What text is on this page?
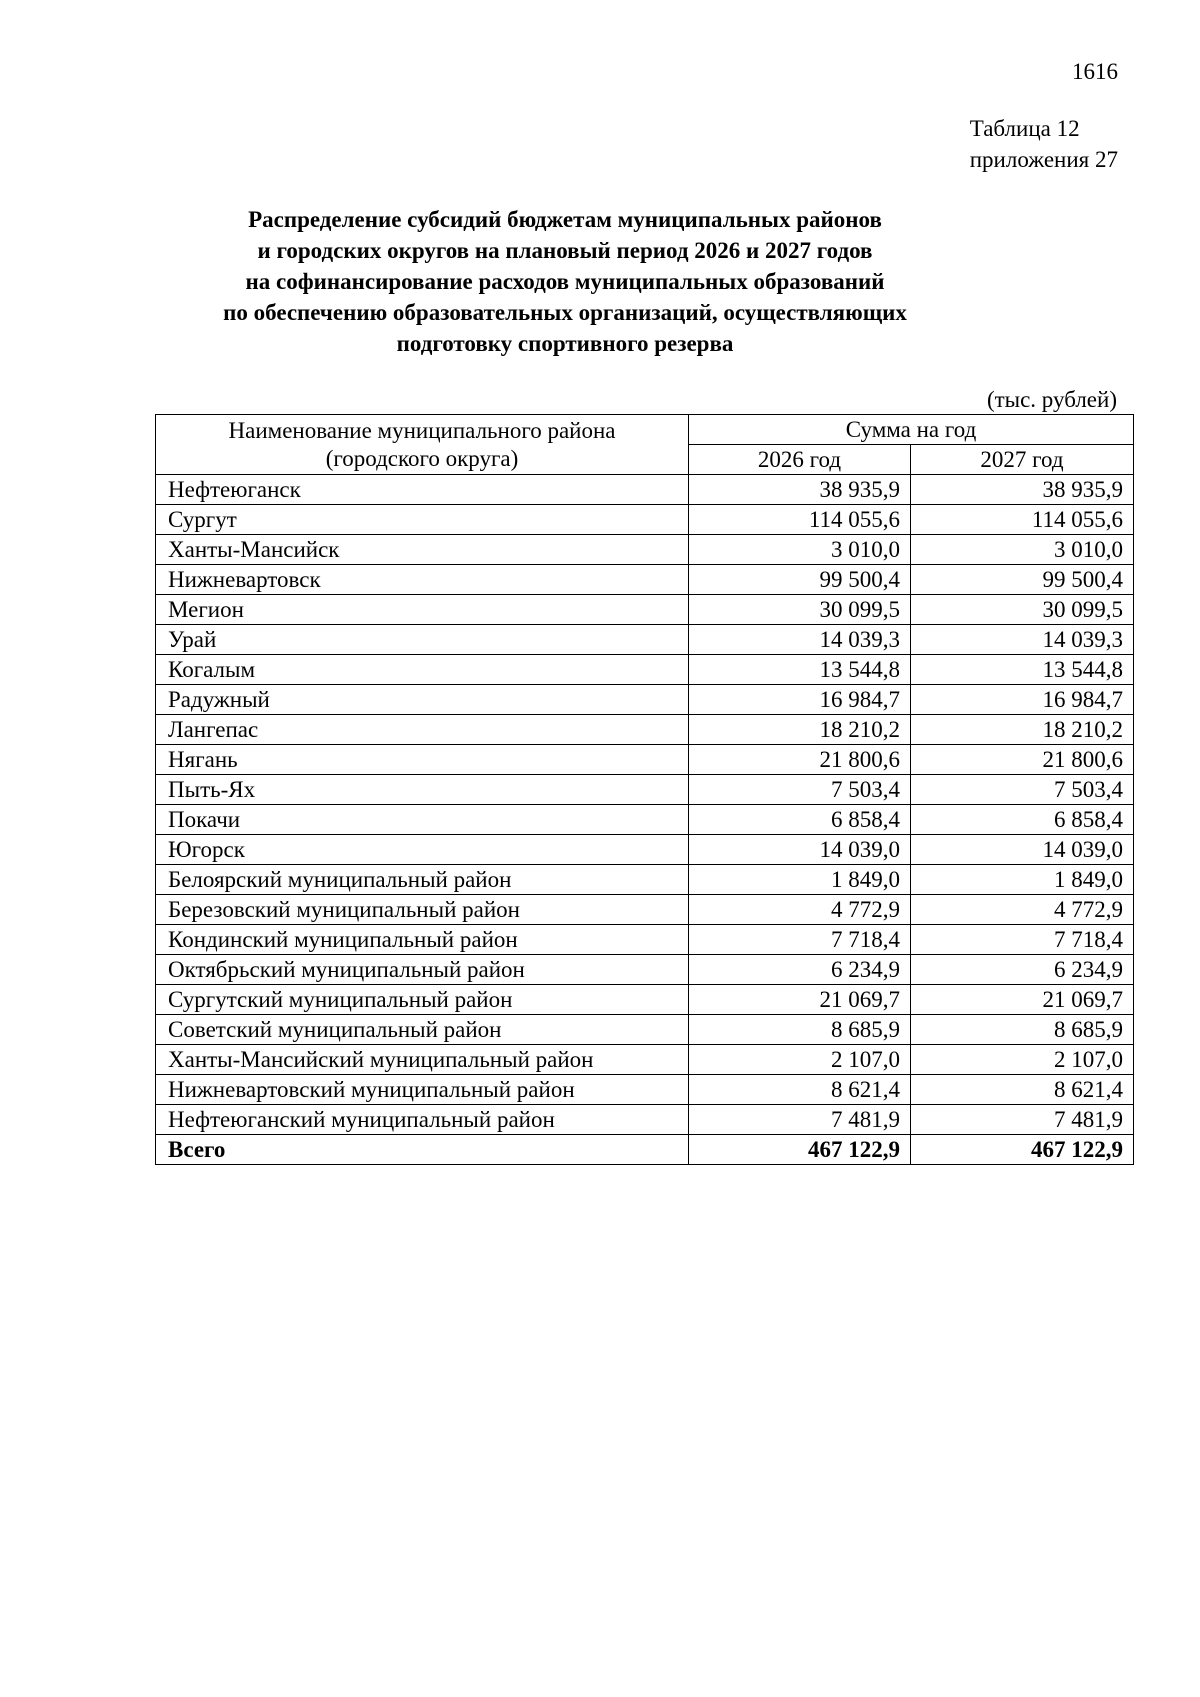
1616
Таблица 12
приложения 27
Распределение субсидий бюджетам муниципальных районов
и городских округов на плановый период 2026 и 2027 годов
на софинансирование расходов муниципальных образований
по обеспечению образовательных организаций, осуществляющих
подготовку спортивного резерва
(тыс. рублей)
Наименование муниципального района
(городского округа)	Сумма на год	
	2026 год	2027 год
Нефтеюганск	38 935,9	38 935,9
Сургут	114 055,6	114 055,6
Ханты-Мансийск	3 010,0	3 010,0
Нижневартовск	99 500,4	99 500,4
Мегион	30 099,5	30 099,5
Урай	14 039,3	14 039,3
Когалым	13 544,8	13 544,8
Радужный	16 984,7	16 984,7
Лангепас	18 210,2	18 210,2
Нягань	21 800,6	21 800,6
Пыть-Ях	7 503,4	7 503,4
Покачи	6 858,4	6 858,4
Югорск	14 039,0	14 039,0
Белоярский муниципальный район	1 849,0	1 849,0
Березовский муниципальный район	4 772,9	4 772,9
Кондинский муниципальный район	7 718,4	7 718,4
Октябрьский муниципальный район	6 234,9	6 234,9
Сургутский муниципальный район	21 069,7	21 069,7
Советский муниципальный район	8 685,9	8 685,9
Ханты-Мансийский муниципальный район	2 107,0	2 107,0
Нижневартовский муниципальный район	8 621,4	8 621,4
Нефтеюганский муниципальный район	7 481,9	7 481,9
Всего	467 122,9	467 122,9
